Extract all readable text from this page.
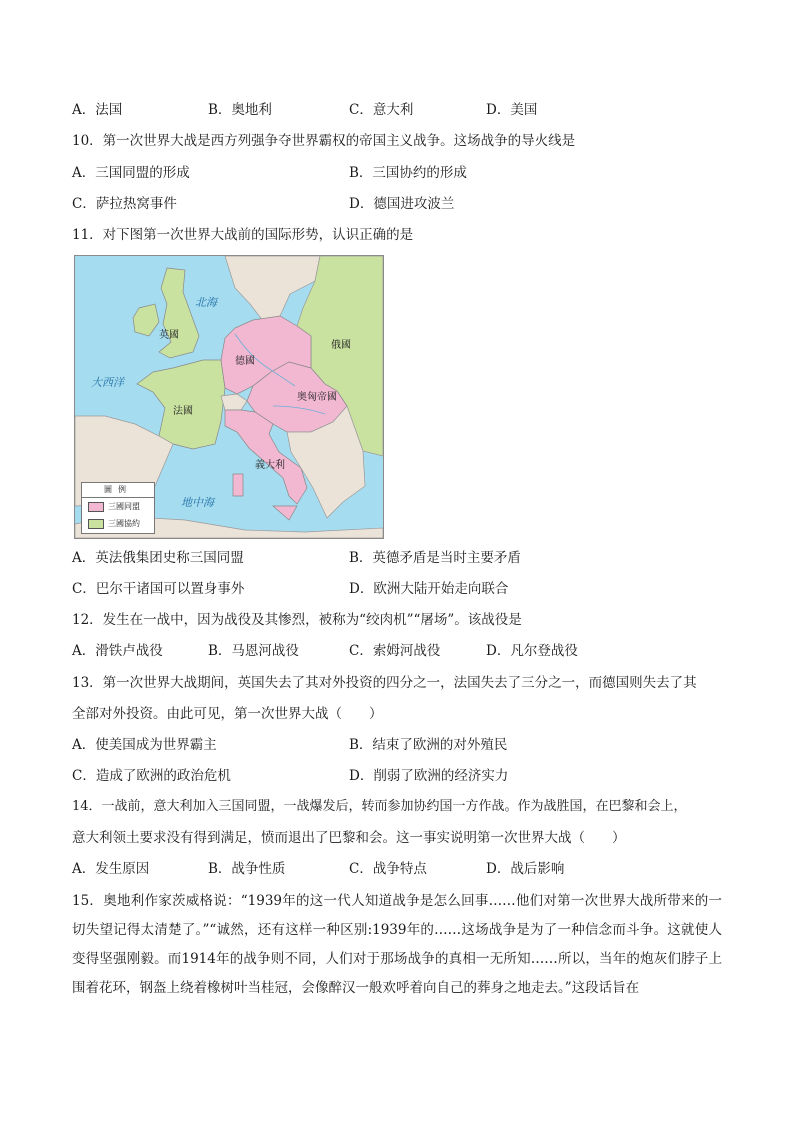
A．法国	B．奥地利	C．意大利	D．美国
10．第一次世界大战是西方列强争夺世界霸权的帝国主义战争。这场战争的导火线是
A．三国同盟的形成	B．三国协约的形成
C．萨拉热窝事件	D．德国进攻波兰
11．对下图第一次世界大战前的国际形势，认识正确的是
北海
大西洋
地中海
英國
法國
德國
俄國
奥匈帝國
義大利
圖例
三國同盟
三國協約
A．英法俄集团史称三国同盟	B．英德矛盾是当时主要矛盾
C．巴尔干诸国可以置身事外	D．欧洲大陆开始走向联合
12．发生在一战中，因为战役及其惨烈，被称为“绞肉机”“屠场”。该战役是
A．滑铁卢战役	B．马恩河战役	C．索姆河战役	D．凡尔登战役
13．第一次世界大战期间，英国失去了其对外投资的四分之一，法国失去了三分之一，而德国则失去了其
全部对外投资。由此可见，第一次世界大战（　　）
A．使美国成为世界霸主	B．结束了欧洲的对外殖民
C．造成了欧洲的政治危机	D．削弱了欧洲的经济实力
14．一战前，意大利加入三国同盟，一战爆发后，转而参加协约国一方作战。作为战胜国，在巴黎和会上，
意大利领土要求没有得到满足，愤而退出了巴黎和会。这一事实说明第一次世界大战（　　）
A．发生原因	B．战争性质	C．战争特点	D．战后影响
15．奥地利作家茨威格说：“1939年的这一代人知道战争是怎么回事……他们对第一次世界大战所带来的一切失望记得太清楚了。”“诚然，还有这样一种区别:1939年的……这场战争是为了一种信念而斗争。这就使人变得坚强刚毅。而1914年的战争则不同，人们对于那场战争的真相一无所知……所以，当年的炮灰们脖子上围着花环，钢盔上绕着橡树叶当桂冠，会像醉汉一般欢呼着向自己的葬身之地走去。”这段话旨在
